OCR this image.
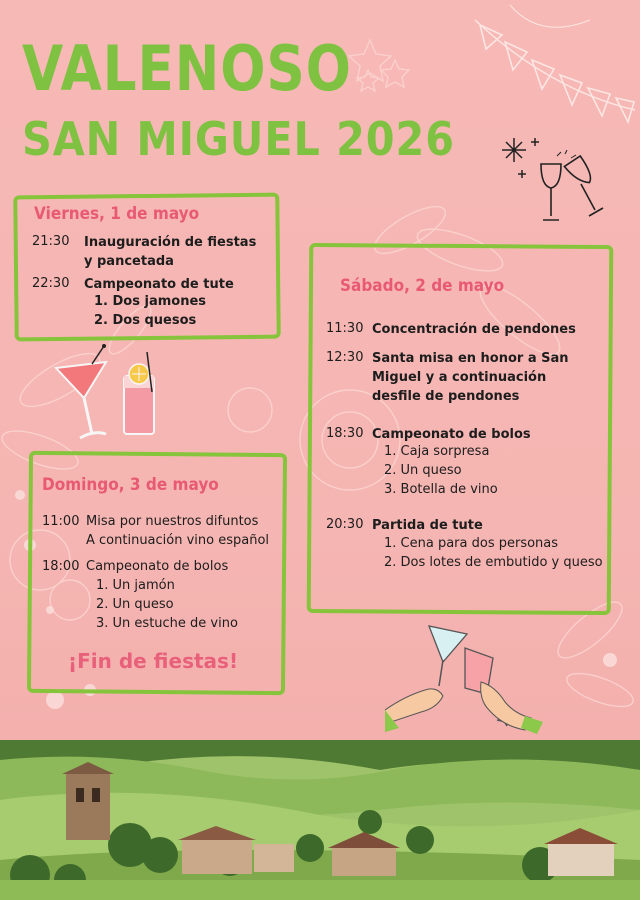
VALENOSO
SAN MIGUEL 2026
Viernes, 1 de mayo
21:30 Inauguración de fiestas y pancetada
22:30 Campeonato de tute
1. Dos jamones
2. Dos quesos
Sábado, 2 de mayo
11:30 Concentración de pendones
12:30 Santa misa en honor a San Miguel y a continuación desfile de pendones
18:30 Campeonato de bolos
1. Caja sorpresa
2. Un queso
3. Botella de vino
20:30 Partida de tute
1. Cena para dos personas
2. Dos lotes de embutido y queso
Domingo, 3 de mayo
11:00 Misa por nuestros difuntos
A continuación vino español
18:00 Campeonato de bolos
1. Un jamón
2. Un queso
3. Un estuche de vino
¡Fin de fiestas!
